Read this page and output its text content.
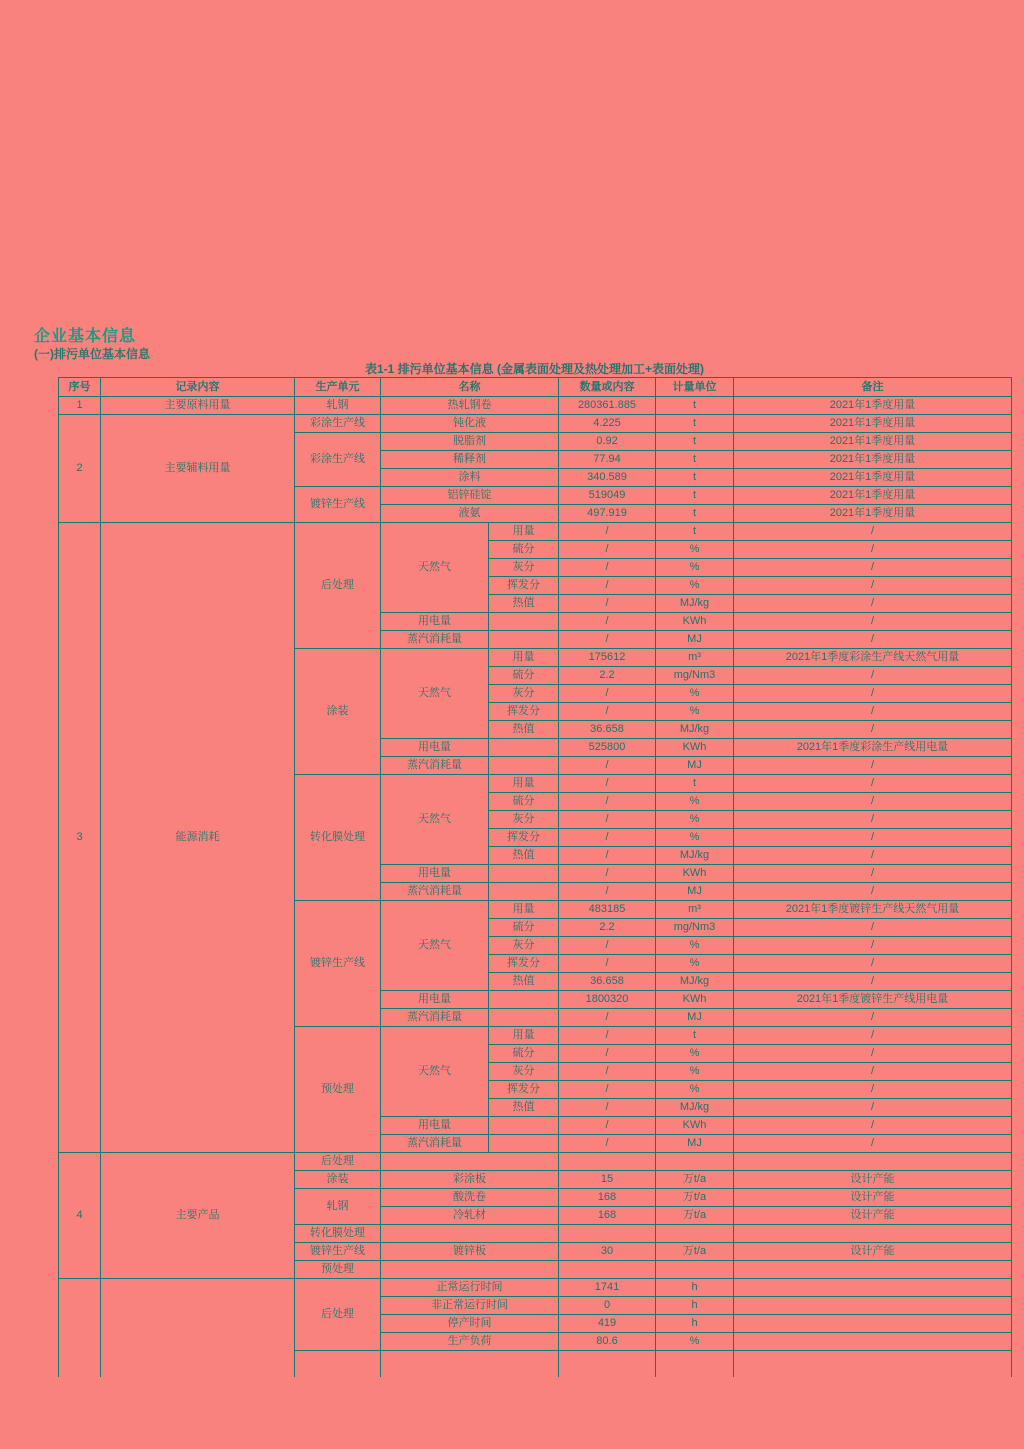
企业基本信息
(一)排污单位基本信息
表1-1 排污单位基本信息 (金属表面处理及热处理加工+表面处理)
序号	记录内容	生产单元	名称		数量或内容	计量单位	备注
1	主要原料用量	轧钢	热轧钢卷		280361.885	t	2021年1季度用量
2	主要辅料用量	彩涂生产线	钝化液		4.225	t	2021年1季度用量
		彩涂生产线	脱脂剂		0.92	t	2021年1季度用量
			稀释剂		77.94	t	2021年1季度用量
			涂料		340.589	t	2021年1季度用量
		镀锌生产线	铝锌硅锭		519049	t	2021年1季度用量
			液氨		497.919	t	2021年1季度用量
3	能源消耗	后处理	天然气	用量	/	t	/
				硫分	/	%	/
				灰分	/	%	/
				挥发分	/	%	/
				热值	/	MJ/kg	/
			用电量		/	KWh	/
			蒸汽消耗量		/	MJ	/
		涂装	天然气	用量	175612	m³	2021年1季度彩涂生产线天然气用量
				硫分	2.2	mg/Nm3	/
				灰分	/	%	/
				挥发分	/	%	/
				热值	36.658	MJ/kg	/
			用电量		525800	KWh	2021年1季度彩涂生产线用电量
			蒸汽消耗量		/	MJ	/
		转化膜处理	天然气	用量	/	t	/
				硫分	/	%	/
				灰分	/	%	/
				挥发分	/	%	/
				热值	/	MJ/kg	/
			用电量		/	KWh	/
			蒸汽消耗量		/	MJ	/
		镀锌生产线	天然气	用量	483185	m³	2021年1季度镀锌生产线天然气用量
				硫分	2.2	mg/Nm3	/
				灰分	/	%	/
				挥发分	/	%	/
				热值	36.658	MJ/kg	/
			用电量		1800320	KWh	2021年1季度镀锌生产线用电量
			蒸汽消耗量		/	MJ	/
		预处理	天然气	用量	/	t	/
				硫分	/	%	/
				灰分	/	%	/
				挥发分	/	%	/
				热值	/	MJ/kg	/
			用电量		/	KWh	/
			蒸汽消耗量		/	MJ	/
4	主要产品	后处理					
		涂装	彩涂板		15	万t/a	设计产能
		轧钢	酸洗卷		168	万t/a	设计产能
			冷轧材		168	万t/a	设计产能
		转化膜处理					
		镀锌生产线	镀锌板		30	万t/a	设计产能
		预处理					
		后处理	正常运行时间		1741	h	
			非正常运行时间		0	h	
			停产时间		419	h	
			生产负荷		80.6	%	
